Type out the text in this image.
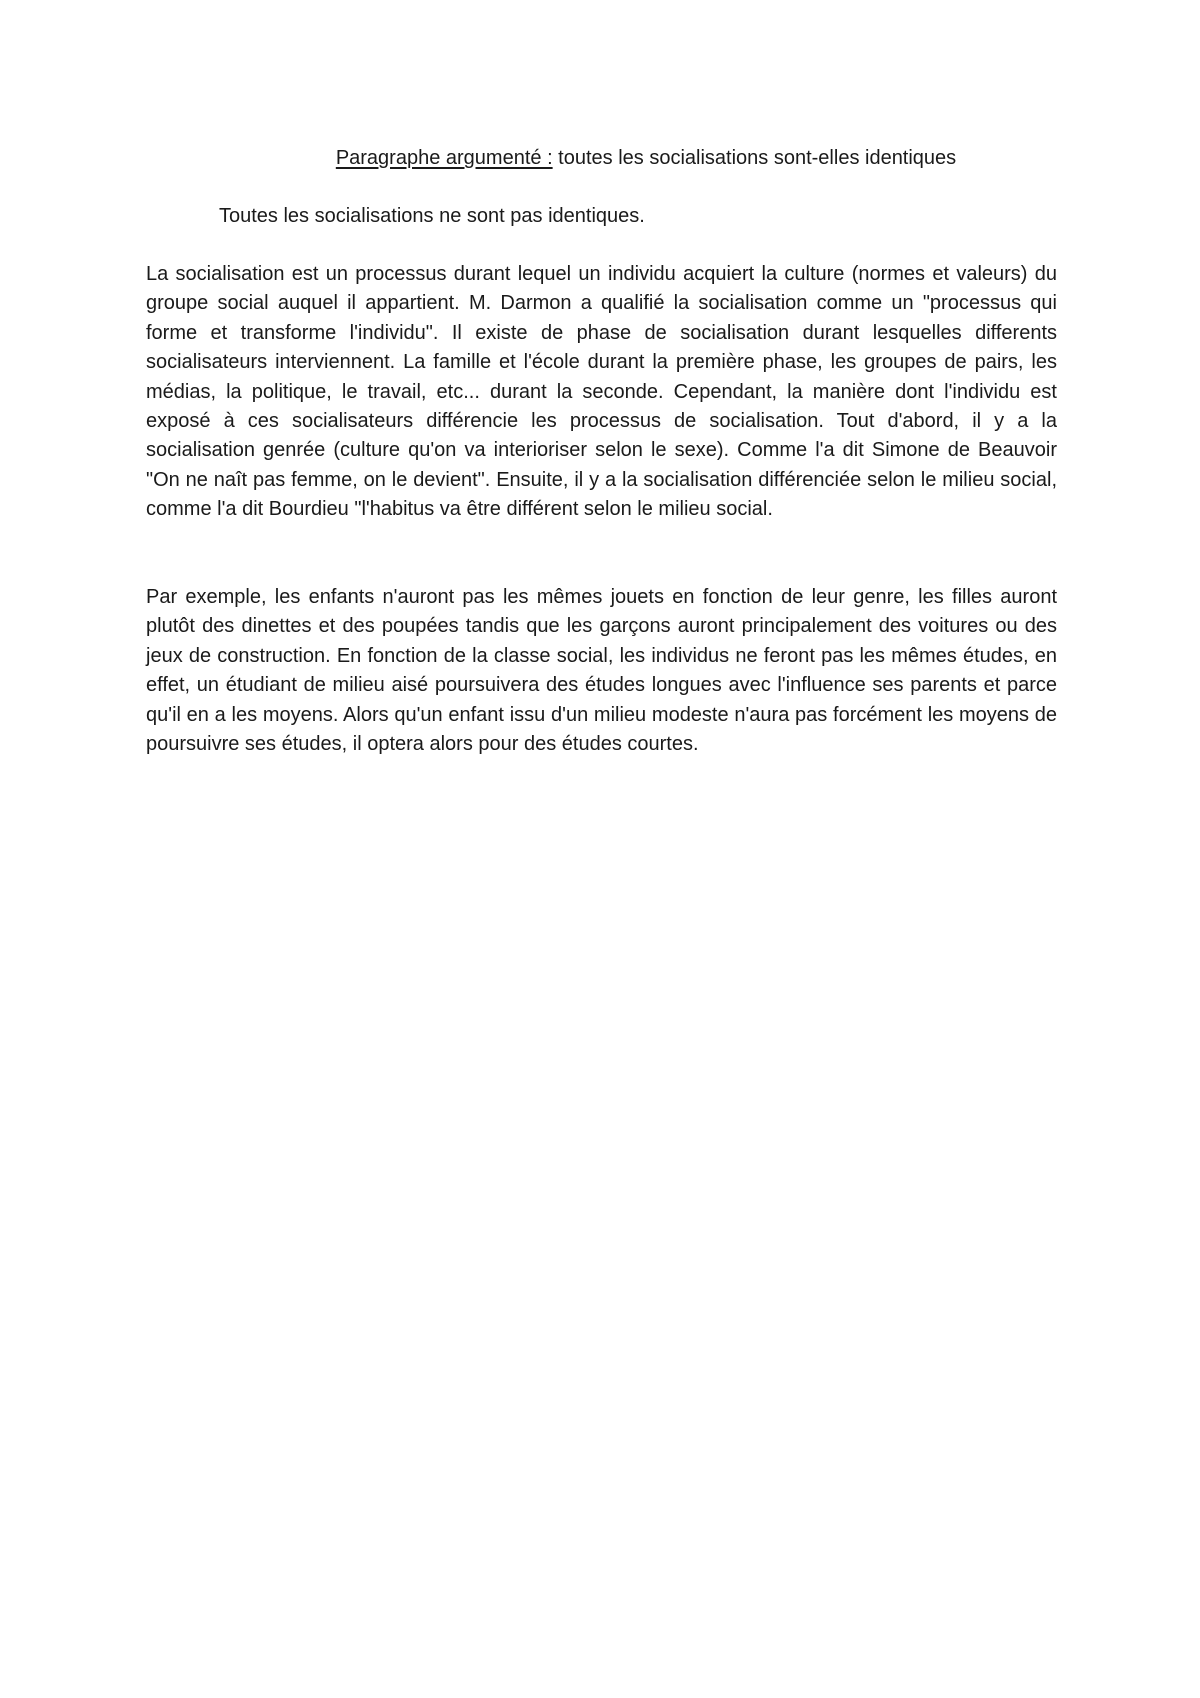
Paragraphe argumenté : toutes les socialisations sont-elles identiques
Toutes les socialisations ne sont pas identiques.

La socialisation est un processus durant lequel un individu acquiert la culture (normes et valeurs) du groupe social auquel il appartient. M. Darmon a qualifié la socialisation comme un "processus qui forme et transforme l'individu". Il existe de phase de socialisation durant lesquelles differents socialisateurs interviennent. La famille et l'école durant la première phase, les groupes de pairs, les médias, la politique, le travail, etc... durant la seconde. Cependant, la manière dont l'individu est exposé à ces socialisateurs différencie les processus de socialisation. Tout d'abord, il y a la socialisation genrée (culture qu'on va interioriser selon le sexe). Comme l'a dit Simone de Beauvoir "On ne naît pas femme, on le devient". Ensuite, il y a la socialisation différenciée selon le milieu social, comme l'a dit Bourdieu "l'habitus va être différent selon le milieu social.

Par exemple, les enfants n'auront pas les mêmes jouets en fonction de leur genre, les filles auront plutôt des dinettes et des poupées tandis que les garçons auront principalement des voitures ou des jeux de construction. En fonction de la classe social, les individus ne feront pas les mêmes études, en effet, un étudiant de milieu aisé poursuivera des études longues avec l'influence ses parents et parce qu'il en a les moyens. Alors qu'un enfant issu d'un milieu modeste n'aura pas forcément les moyens de poursuivre ses études, il optera alors pour des études courtes.
